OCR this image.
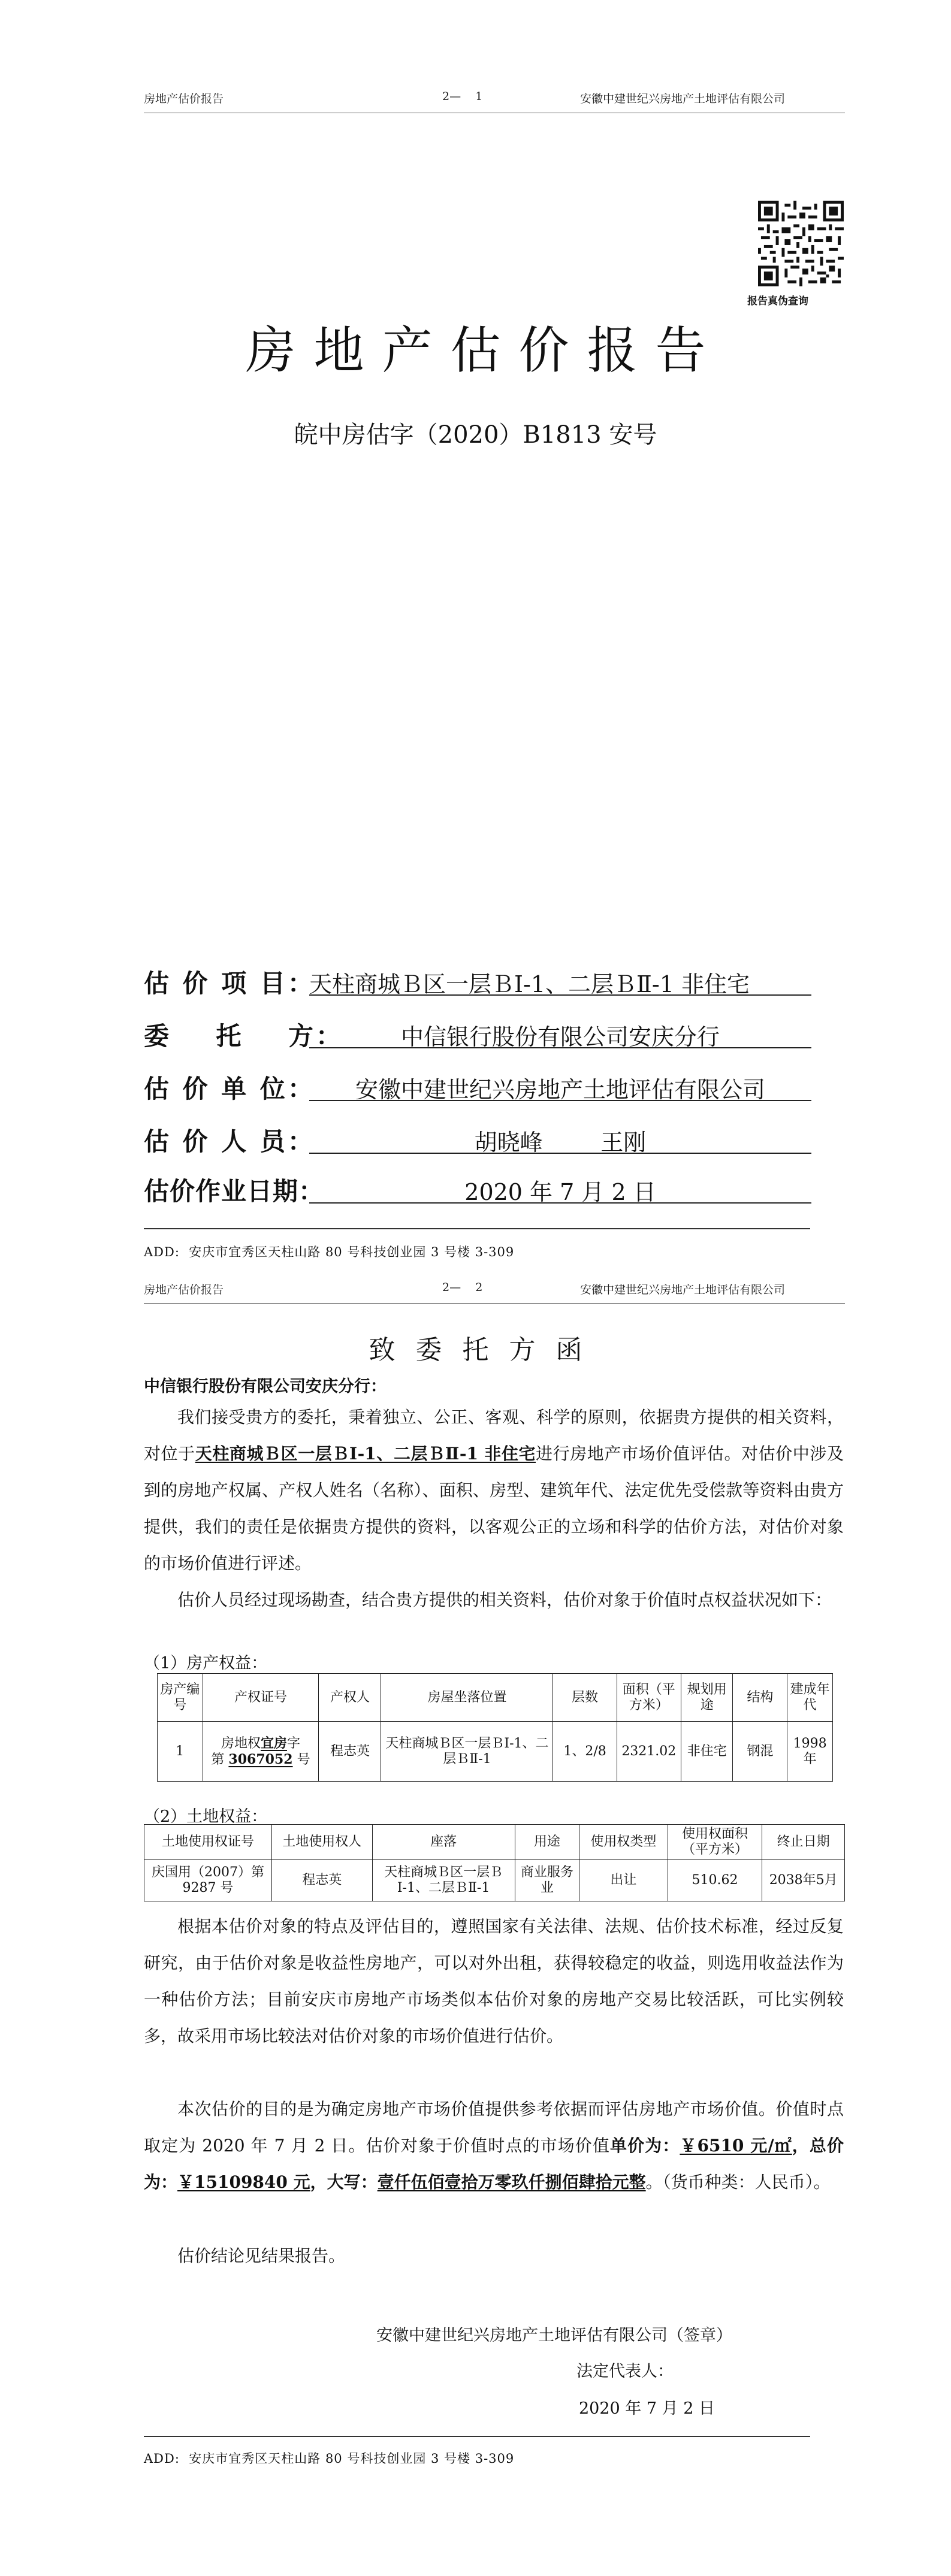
房地产估价报告	2—    1	安徽中建世纪兴房地产土地评估有限公司
报告真伪查询
房地产估价报告
皖中房估字（2020）B1813 安号
估 价 项 目：
天柱商城Ｂ区一层ＢⅠ-1、二层ＢⅡ-1 非住宅
委    托    方：	中信银行股份有限公司安庆分行
估 价 单 位：	安徽中建世纪兴房地产土地评估有限公司
估 价 人 员：	胡晓峰        王刚
估价作业日期：	2020 年 7 月 2 日
ADD:  安庆市宜秀区天柱山路 80 号科技创业园 3 号楼 3-309
房地产估价报告	2—    2	安徽中建世纪兴房地产土地评估有限公司
致委托方函
中信银行股份有限公司安庆分行：
我们接受贵方的委托，秉着独立、公正、客观、科学的原则，依据贵方提供的相关资料，对位于天柱商城Ｂ区一层ＢⅠ-1、二层ＢⅡ-1 非住宅进行房地产市场价值评估。对估价中涉及到的房地产权属、产权人姓名（名称）、面积、房型、建筑年代、法定优先受偿款等资料由贵方提供，我们的责任是依据贵方提供的资料，以客观公正的立场和科学的估价方法，对估价对象的市场价值进行评述。
估价人员经过现场勘查，结合贵方提供的相关资料，估价对象于价值时点权益状况如下：
（1）房产权益：
房产编号	产权证号	产权人	房屋坐落位置	层数	面积（平方米）	规划用途	结构	建成年代
1	房地权宜房字
第 3067052 号	程志英	天柱商城Ｂ区一层ＢⅠ-1、二层ＢⅡ-1	1、2/8	2321.02	非住宅	钢混	1998年
（2）土地权益：
土地使用权证号	土地使用权人	座落	用途	使用权类型	使用权面积（平方米）	终止日期
庆国用（2007）第 9287 号	程志英	天柱商城Ｂ区一层ＢⅠ-1、二层ＢⅡ-1	商业服务业	出让	510.62	2038年5月
根据本估价对象的特点及评估目的，遵照国家有关法律、法规、估价技术标准，经过反复研究，由于估价对象是收益性房地产，可以对外出租，获得较稳定的收益，则选用收益法作为一种估价方法；目前安庆市房地产市场类似本估价对象的房地产交易比较活跃，可比实例较多，故采用市场比较法对估价对象的市场价值进行估价。
本次估价的目的是为确定房地产市场价值提供参考依据而评估房地产市场价值。价值时点取定为 2020 年 7 月 2 日。估价对象于价值时点的市场价值单价为：￥6510 元/㎡，总价为：￥15109840 元，大写：壹仟伍佰壹拾万零玖仟捌佰肆拾元整。（货币种类：人民币）。
估价结论见结果报告。
安徽中建世纪兴房地产土地评估有限公司（签章）
法定代表人：
2020 年 7 月 2 日
ADD:  安庆市宜秀区天柱山路 80 号科技创业园 3 号楼 3-309
